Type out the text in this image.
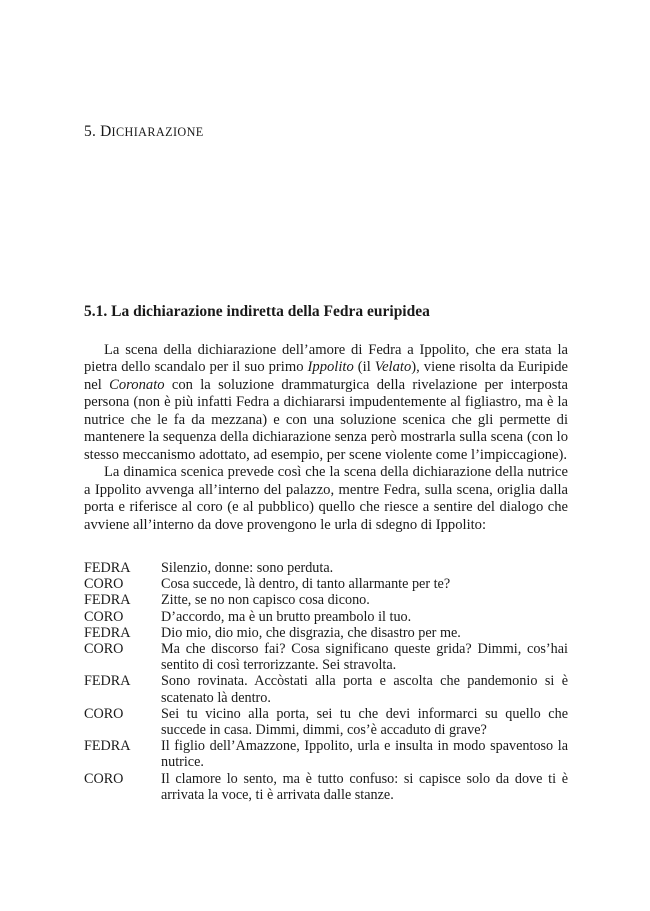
5. DICHIARAZIONE
5.1. La dichiarazione indiretta della Fedra euripidea

La scena della dichiarazione dell’amore di Fedra a Ippolito, che era stata la pietra dello scandalo per il suo primo Ippolito (il Velato), viene risolta da Euripide nel Coronato con la soluzione drammaturgica della rivelazione per interposta persona (non è più infatti Fedra a dichiararsi impudentemente al figliastro, ma è la nutrice che le fa da mezzana) e con una soluzione scenica che gli permette di mantenere la sequenza della dichiarazione senza però mostrarla sulla scena (con lo stesso meccanismo adottato, ad esempio, per scene violente come l’impiccagione).

La dinamica scenica prevede così che la scena della dichiarazione della nutrice a Ippolito avvenga all’interno del palazzo, mentre Fedra, sulla scena, origlia dalla porta e riferisce al coro (e al pubblico) quello che riesce a sentire del dialogo che avviene all’interno da dove provengono le urla di sdegno di Ippolito:

FEDRA	Silenzio, donne: sono perduta.
CORO	Cosa succede, là dentro, di tanto allarmante per te?
FEDRA	Zitte, se no non capisco cosa dicono.
CORO	D’accordo, ma è un brutto preambolo il tuo.
FEDRA	Dio mio, dio mio, che disgrazia, che disastro per me.
CORO	Ma che discorso fai? Cosa significano queste grida? Dimmi, cos’hai sentito di così terrorizzante. Sei stravolta.
FEDRA	Sono rovinata. Accòstati alla porta e ascolta che pandemonio si è scatenato là dentro.
CORO	Sei tu vicino alla porta, sei tu che devi informarci su quello che succede in casa. Dimmi, dimmi, cos’è accaduto di grave?
FEDRA	Il figlio dell’Amazzone, Ippolito, urla e insulta in modo spaventoso la nutrice.
CORO	Il clamore lo sento, ma è tutto confuso: si capisce solo da dove ti è arrivata la voce, ti è arrivata dalle stanze.
